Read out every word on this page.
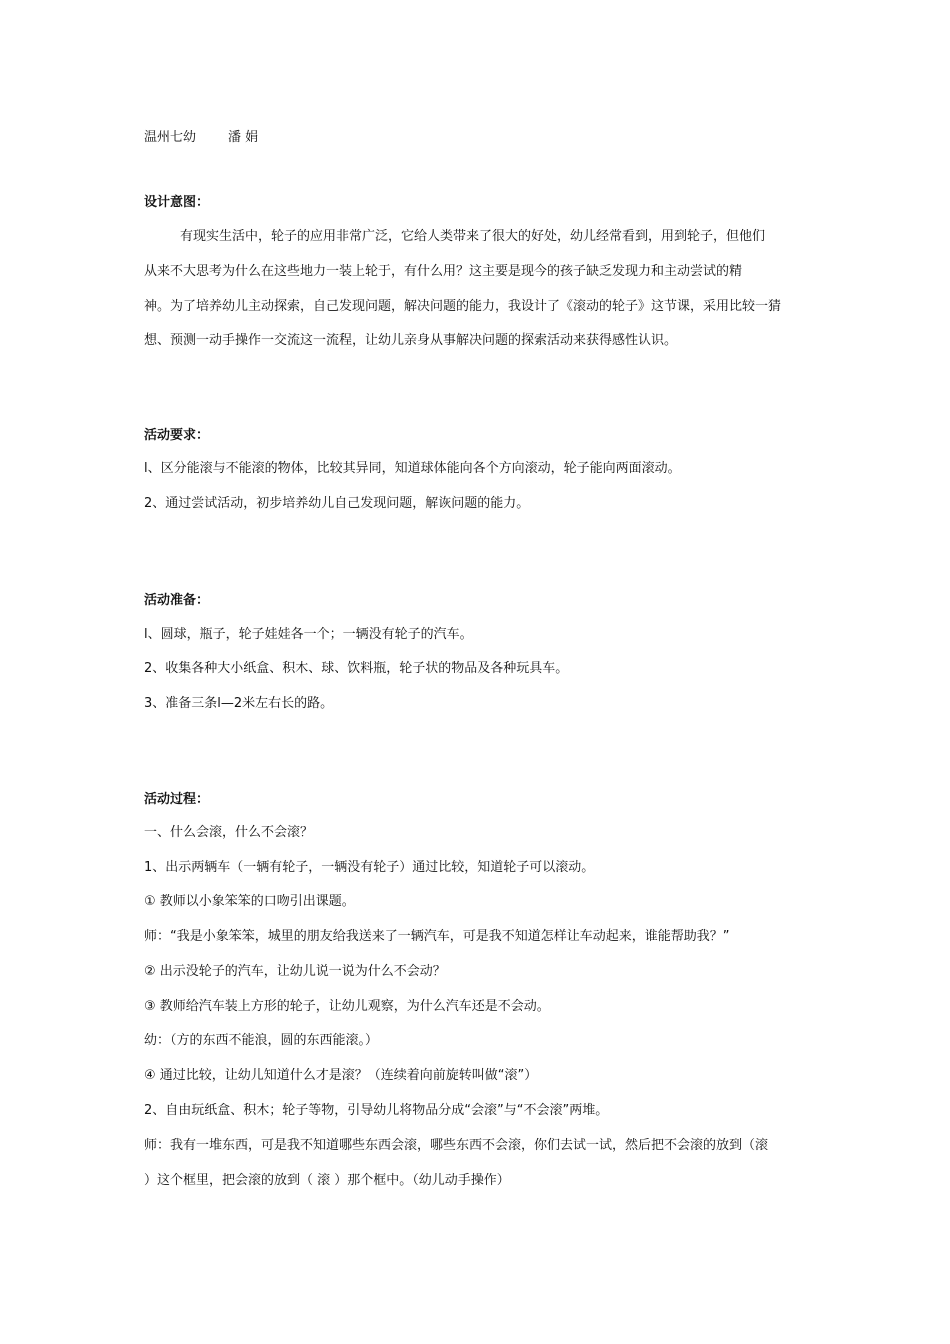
温州七幼 潘 娟
设计意图：
有现实生活中，轮子的应用非常广泛，它给人类带来了很大的好处，幼儿经常看到，用到轮子，但他们
从来不大思考为什么在这些地力一装上轮于，有什么用？这主要是现今的孩子缺乏发现力和主动尝试的精
神。为了培养幼儿主动探索，自己发现问题，解决问题的能力，我设计了《滚动的轮子》这节课，采用比较一猜
想、预测一动手操作一交流这一流程，让幼儿亲身从事解决问题的探索活动来获得感性认识。
活动要求：
l、区分能滚与不能滚的物体，比较其异同，知道球体能向各个方向滚动，轮子能向两面滚动。
2、通过尝试活动，初步培养幼儿自己发现问题，解诙问题的能力。
活动准备：
l、圆球，瓶子，轮子娃娃各一个；一辆没有轮子的汽车。
2、收集各种大小纸盒、积木、球、饮料瓶，轮子状的物品及各种玩具车。
3、准备三条l—2米左右长的路。
活动过程：
一、什么会滚，什么不会滚？
1、出示两辆车（一辆有轮子，一辆没有轮子）通过比较，知道轮子可以滚动。
① 教师以小象笨笨的口吻引出课题。
师：“我是小象笨笨，城里的朋友给我送来了一辆汽车，可是我不知道怎样让车动起来，谁能帮助我？”
② 出示没轮子的汽车，让幼儿说一说为什么不会动？
③ 教师给汽车装上方形的轮子，让幼儿观察，为什么汽车还是不会动。
幼：（方的东西不能浪，圆的东西能滚。）
④ 通过比较，让幼儿知道什么才是滚？（连续着向前旋转叫做“滚”）
2、自由玩纸盒、积木；轮子等物，引导幼儿将物品分成“会滚”与“不会滚”两堆。
师：我有一堆东西，可是我不知道哪些东西会滚，哪些东西不会滚，你们去试一试，然后把不会滚的放到（滚
）这个框里，把会滚的放到（ 滚 ）那个框中。（幼儿动手操作）
